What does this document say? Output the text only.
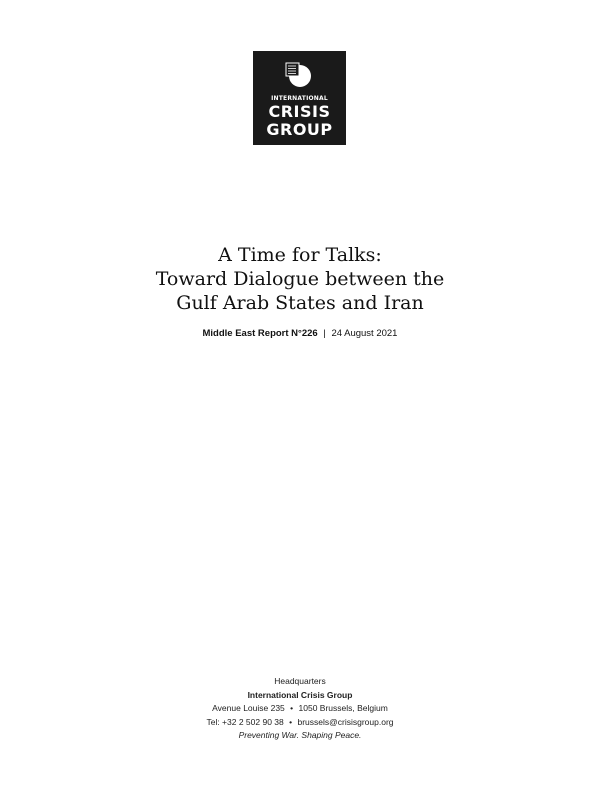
INTERNATIONAL
CRISIS
GROUP
A Time for Talks:
Toward Dialogue between the
Gulf Arab States and Iran
Middle East Report N°226 | 24 August 2021
Headquarters
International Crisis Group
Avenue Louise 235 • 1050 Brussels, Belgium
Tel: +32 2 502 90 38 • brussels@crisisgroup.org
Preventing War. Shaping Peace.
